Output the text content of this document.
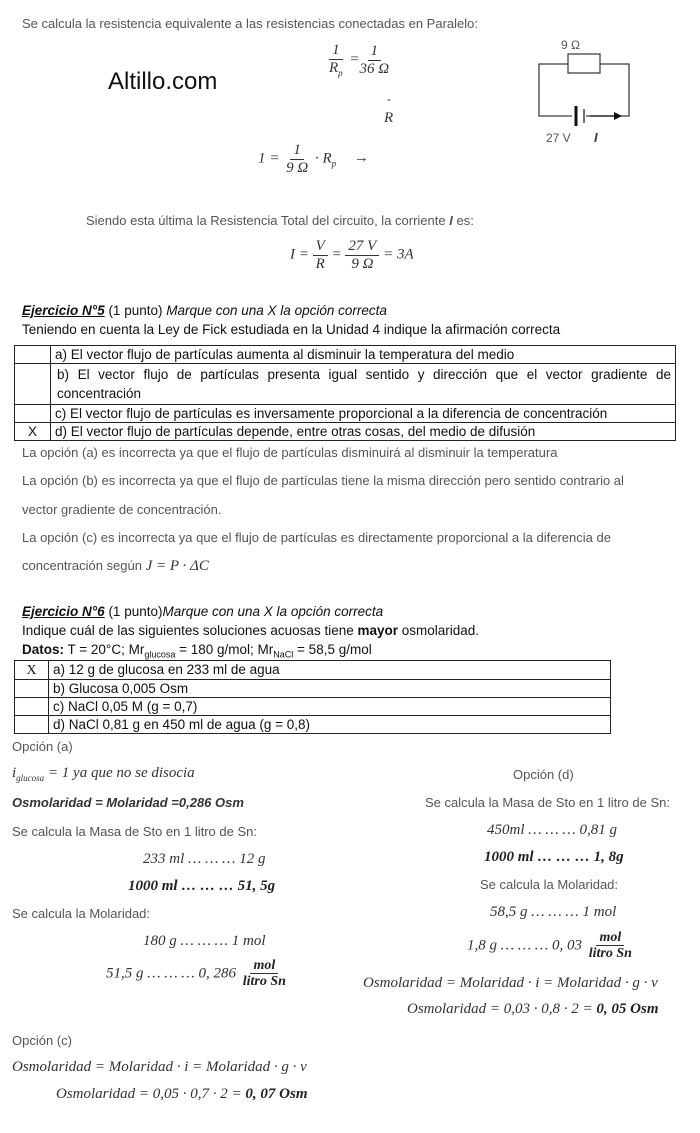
Se calcula la resistencia equivalente a las resistencias conectadas en Paralelo:
Altillo.com
$\frac{1}{R_p} = \frac{1}{36 \Omega}$
-
R
$1 = \frac{1}{9 \Omega} \cdot R_p$ →
9 Ω
27 V I
Siendo esta última la Resistencia Total del circuito, la corriente I es:
$I = \frac{V}{R} = \frac{27 V}{9 \Omega} = 3A$
Ejercicio N°5 (1 punto) Marque con una X la opción correcta
Teniendo en cuenta la Ley de Fick estudiada en la Unidad 4 indique la afirmación correcta
	a) El vector flujo de partículas aumenta al disminuir la temperatura del medio
	b) El vector flujo de partículas presenta igual sentido y dirección que el vector gradiente de concentración
	c) El vector flujo de partículas es inversamente proporcional a la diferencia de concentración
X	d) El vector flujo de partículas depende, entre otras cosas, del medio de difusión
La opción (a) es incorrecta ya que el flujo de partículas disminuirá al disminuir la temperatura
La opción (b) es incorrecta ya que el flujo de partículas tiene la misma dirección pero sentido contrario al
vector gradiente de concentración.
La opción (c) es incorrecta ya que el flujo de partículas es directamente proporcional a la diferencia de
concentración según J = P · ΔC
Ejercicio N°6 (1 punto)Marque con una X la opción correcta
Indique cuál de las siguientes soluciones acuosas tiene mayor osmolaridad.
Datos: T = 20°C; $Mr_{glucosa} = 180$ g/mol; $Mr_{NaCl} = 58,5$ g/mol
X	a) 12 g de glucosa en 233 ml de agua
	b) Glucosa 0,005 Osm
	c) NaCl 0,05 M (g = 0,7)
	d) NaCl 0,81 g en 450 ml de agua (g = 0,8)
Opción (a)
$i_{glucosa} = 1$ ya que no se disocia
Osmolaridad = Molaridad =0,286 Osm
Se calcula la Masa de Sto en 1 litro de Sn:
233 ml … … … 12 g
1000 ml … … … 51, 5g
Se calcula la Molaridad:
180 g … … … 1 mol
51,5 g … … … 0, $286 \frac{\text{mol}}{\text{litro Sn}}$
Opción (c)
Osmolaridad = Molaridad · i = Molaridad · g · v
Osmolaridad = 0,05 · 0,7 · 2 = 0, 07 Osm
Opción (d)
Se calcula la Masa de Sto en 1 litro de Sn:
450ml … … … 0,81 g
1000 ml … … … 1, 8g
Se calcula la Molaridad:
58,5 g … … … 1 mol
1,8 g … … … 0, $03 \frac{\text{mol}}{\text{litro Sn}}$
Osmolaridad = Molaridad · i = Molaridad · g · v
Osmolaridad = 0,03 · 0,8 · 2 = 0, 05 Osm
